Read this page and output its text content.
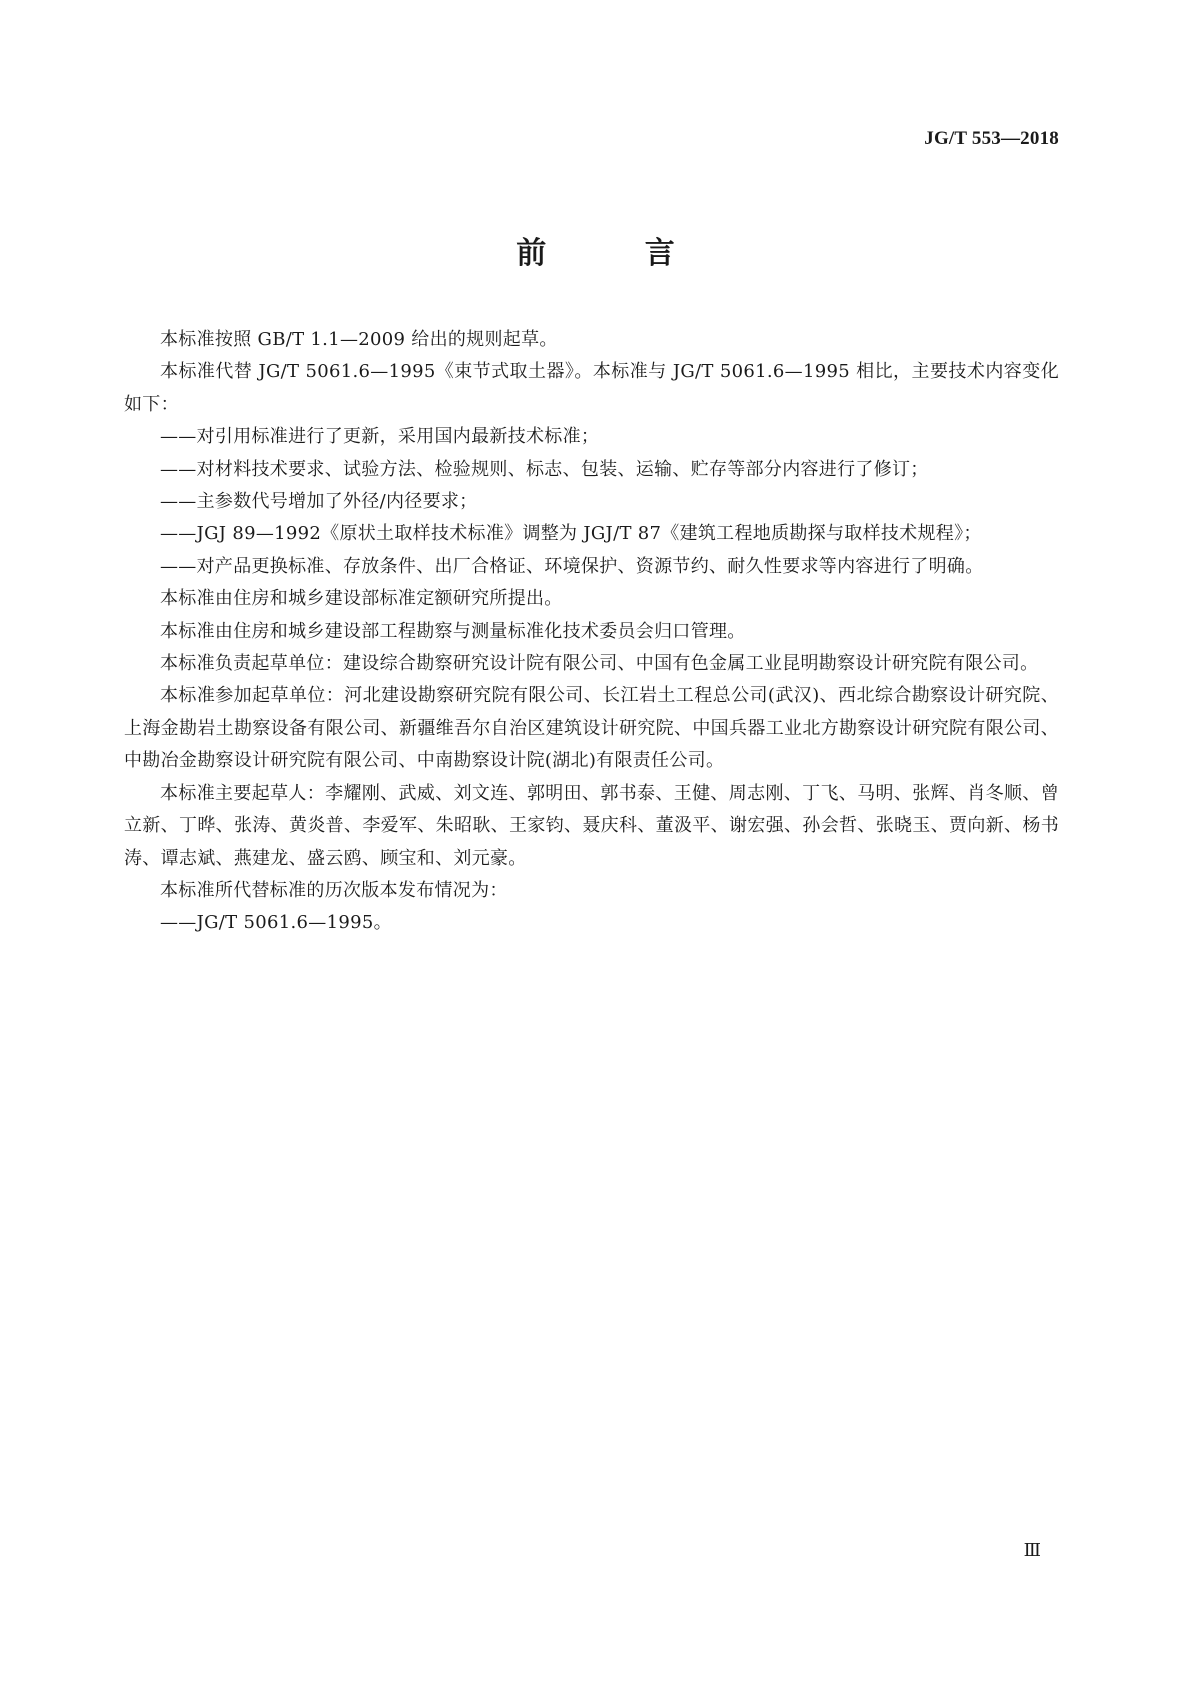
JG/T 553—2018
前 言

本标准按照 GB/T 1.1—2009 给出的规则起草。

本标准代替 JG/T 5061.6—1995《束节式取土器》。本标准与 JG/T 5061.6—1995 相比，主要技术内容变化如下：

——对引用标准进行了更新，采用国内最新技术标准；

——对材料技术要求、试验方法、检验规则、标志、包装、运输、贮存等部分内容进行了修订；

——主参数代号增加了外径/内径要求；

——JGJ 89—1992《原状土取样技术标准》调整为 JGJ/T 87《建筑工程地质勘探与取样技术规程》；

——对产品更换标准、存放条件、出厂合格证、环境保护、资源节约、耐久性要求等内容进行了明确。

本标准由住房和城乡建设部标准定额研究所提出。

本标准由住房和城乡建设部工程勘察与测量标准化技术委员会归口管理。

本标准负责起草单位：建设综合勘察研究设计院有限公司、中国有色金属工业昆明勘察设计研究院有限公司。

本标准参加起草单位：河北建设勘察研究院有限公司、长江岩土工程总公司(武汉)、西北综合勘察设计研究院、上海金勘岩土勘察设备有限公司、新疆维吾尔自治区建筑设计研究院、中国兵器工业北方勘察设计研究院有限公司、中勘冶金勘察设计研究院有限公司、中南勘察设计院(湖北)有限责任公司。

本标准主要起草人：李耀刚、武威、刘文连、郭明田、郭书泰、王健、周志刚、丁飞、马明、张辉、肖冬顺、曾立新、丁晔、张涛、黄炎普、李爱军、朱昭耿、王家钧、聂庆科、董汲平、谢宏强、孙会哲、张晓玉、贾向新、杨书涛、谭志斌、燕建龙、盛云鸥、顾宝和、刘元豪。

本标准所代替标准的历次版本发布情况为：

——JG/T 5061.6—1995。

Ⅲ
